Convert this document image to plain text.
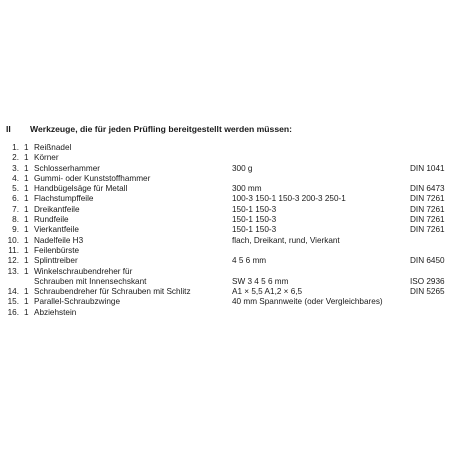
II Werkzeuge, die für jeden Prüfling bereitgestellt werden müssen:
1. 1 Reißnadel
2. 1 Körner
3. 1 Schlosserhammer	300 g	DIN 1041
4. 1 Gummi- oder Kunststoffhammer
5. 1 Handbügelsäge für Metall	300 mm	DIN 6473
6. 1 Flachstumpffeile	100-3 150-1 150-3 200-3 250-1	DIN 7261
7. 1 Dreikantfeile	150-1 150-3	DIN 7261
8. 1 Rundfeile	150-1 150-3	DIN 7261
9. 1 Vierkantfeile	150-1 150-3	DIN 7261
10. 1 Nadelfeile H3	flach, Dreikant, rund, Vierkant
11. 1 Feilenbürste
12. 1 Splinttreiber	4 5 6 mm	DIN 6450
13. 1 Winkelschraubendreher für
Schrauben mit Innensechskant	SW 3 4 5 6 mm	ISO 2936
14. 1 Schraubendreher für Schrauben mit Schlitz	A1 × 5,5 A1,2 × 6,5	DIN 5265
15. 1 Parallel-Schraubzwinge	40 mm Spannweite (oder Vergleichbares)
16. 1 Abziehstein
